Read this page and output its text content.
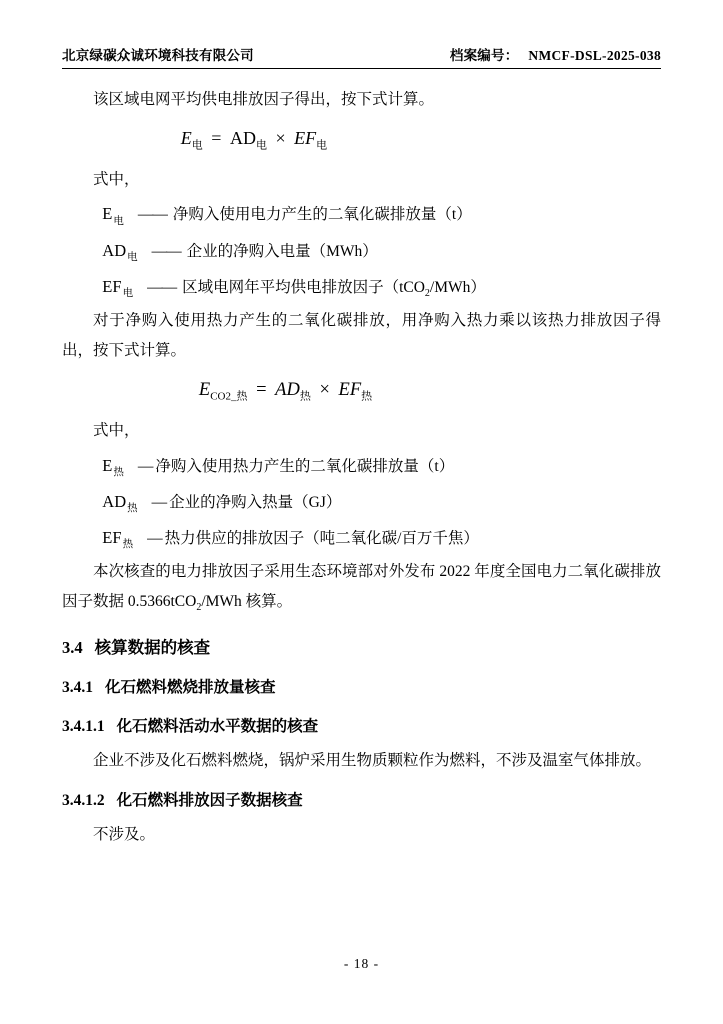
北京绿碳众诚环境科技有限公司	档案编号： NMCF-DSL-2025-038

该区域电网平均供电排放因子得出，按下式计算。

$E_电 = AD_电 \times EF_电$

式中，

$E_电$ —— 净购入使用电力产生的二氧化碳排放量（t）
$AD_电$ —— 企业的净购入电量（MWh）
$EF_电$ —— 区域电网年平均供电排放因子（tCO$_2$/MWh）

对于净购入使用热力产生的二氧化碳排放，用净购入热力乘以该热力排放因子得出，按下式计算。

$E_{CO2\_热} = AD_热 \times EF_热$

式中，

$E_热$ — 净购入使用热力产生的二氧化碳排放量（t）
$AD_热$ — 企业的净购入热量（GJ）
$EF_热$ — 热力供应的排放因子（吨二氧化碳/百万千焦）

本次核查的电力排放因子采用生态环境部对外发布 2022 年度全国电力二氧化碳排放因子数据 0.5366tCO$_2$/MWh 核算。

3.4 核算数据的核查
3.4.1 化石燃料燃烧排放量核查
3.4.1.1 化石燃料活动水平数据的核查

企业不涉及化石燃料燃烧，锅炉采用生物质颗粒作为燃料，不涉及温室气体排放。

3.4.1.2 化石燃料排放因子数据核查

不涉及。

- 18 -
